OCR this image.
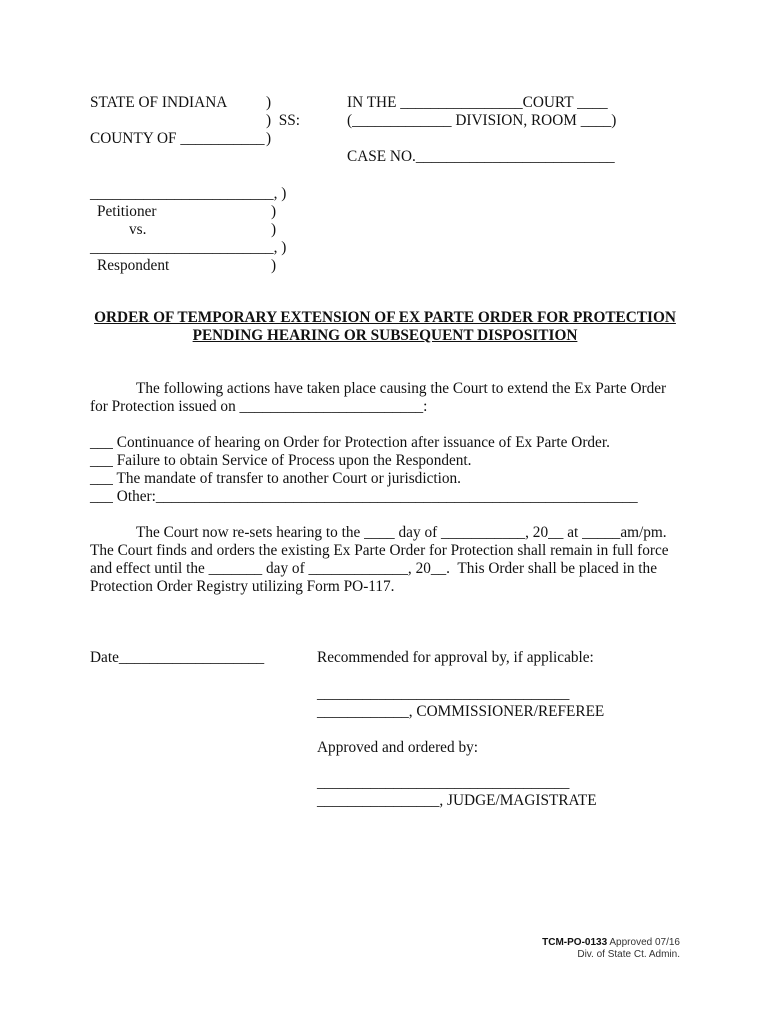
STATE OF INDIANA	)
)  SS:
COUNTY OF ___________ )
IN THE ________________COURT ____
(_____________ DIVISION, ROOM ____)
CASE NO.__________________________
________________________, )
Petitioner	)
vs.	)
________________________, )
Respondent	)
ORDER OF TEMPORARY EXTENSION OF EX PARTE ORDER FOR PROTECTION
PENDING HEARING OR SUBSEQUENT DISPOSITION
The following actions have taken place causing the Court to extend the Ex Parte Order
for Protection issued on ________________________:
___ Continuance of hearing on Order for Protection after issuance of Ex Parte Order.
___ Failure to obtain Service of Process upon the Respondent.
___ The mandate of transfer to another Court or jurisdiction.
___ Other:_______________________________________________________________
The Court now re-sets hearing to the ____ day of ___________, 20__ at _____am/pm.
The Court finds and orders the existing Ex Parte Order for Protection shall remain in full force
and effect until the _______ day of _____________, 20__.  This Order shall be placed in the
Protection Order Registry utilizing Form PO-117.
Date___________________	Recommended for approval by, if applicable:
_________________________________
____________, COMMISSIONER/REFEREE
Approved and ordered by:
_________________________________
________________, JUDGE/MAGISTRATE
TCM-PO-0133 Approved 07/16
Div. of State Ct. Admin.
